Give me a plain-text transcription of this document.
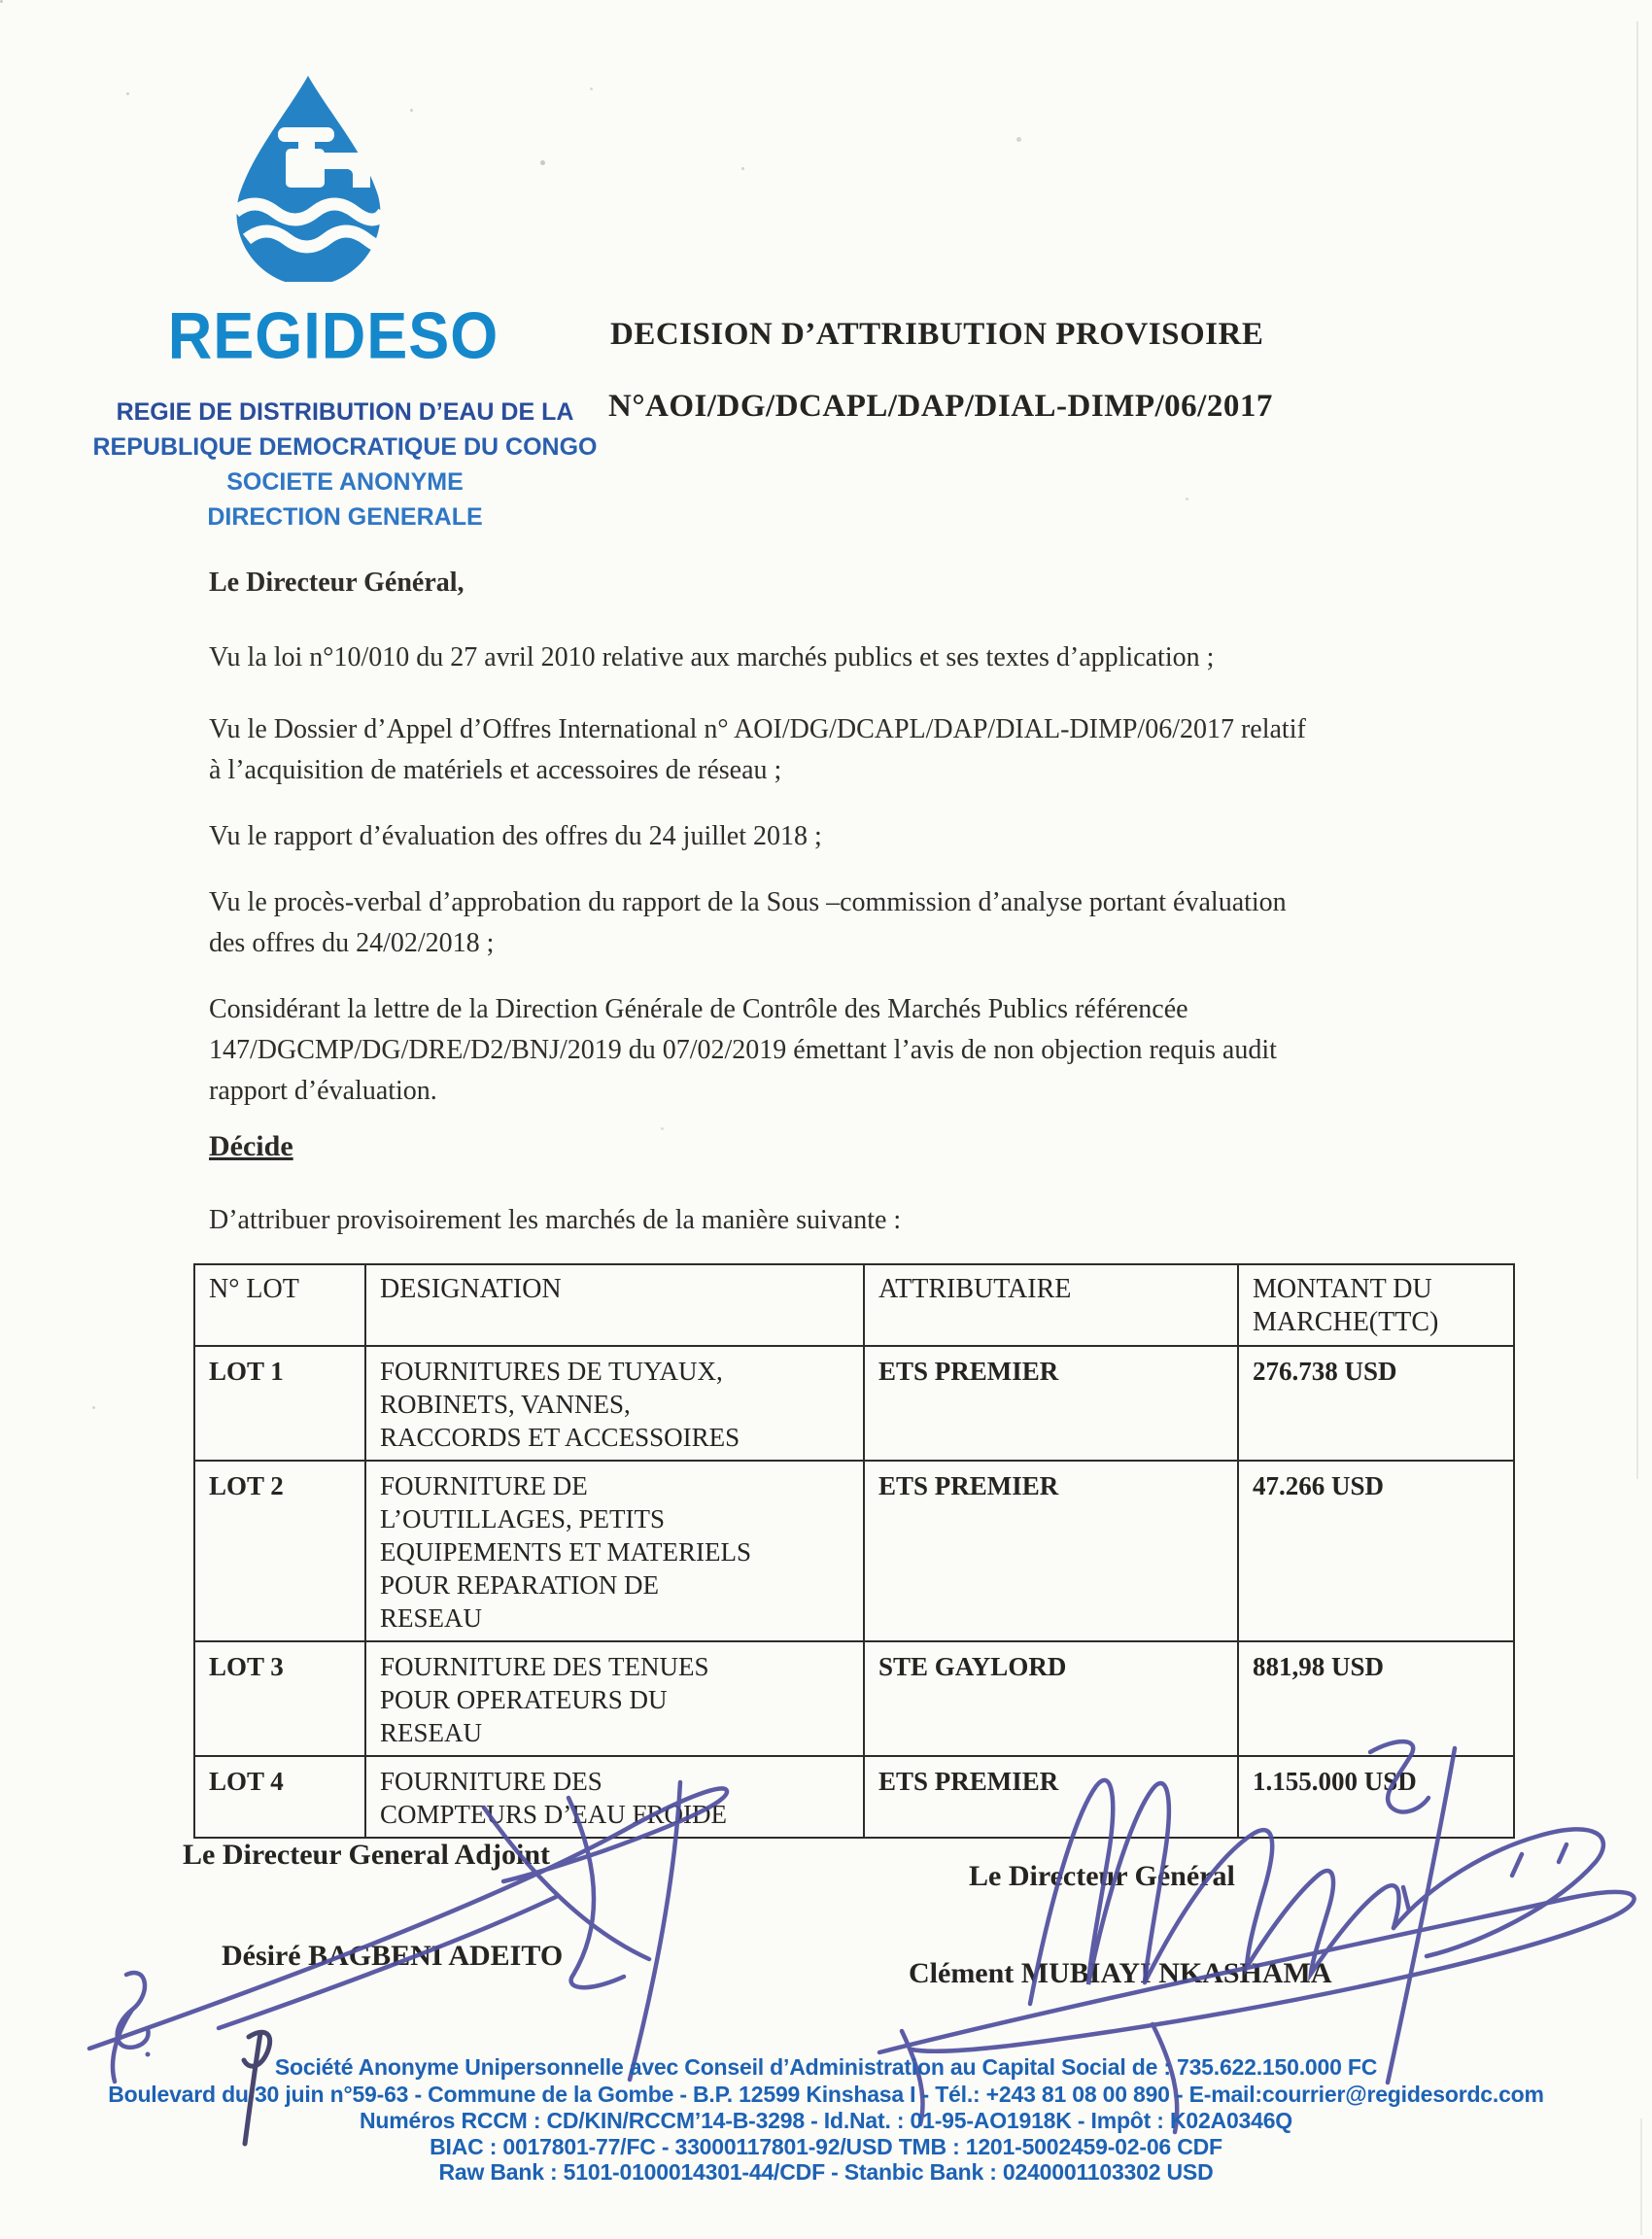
REGIDESO
REGIE DE DISTRIBUTION D’EAU DE LA
REPUBLIQUE DEMOCRATIQUE DU CONGO
SOCIETE ANONYME
DIRECTION GENERALE
DECISION D’ATTRIBUTION PROVISOIRE
N°AOI/DG/DCAPL/DAP/DIAL-DIMP/06/2017
Le Directeur Général,
Vu la loi n°10/010 du 27 avril 2010 relative aux marchés publics et ses textes d’application ;
Vu le Dossier d’Appel d’Offres International n° AOI/DG/DCAPL/DAP/DIAL-DIMP/06/2017 relatif
à l’acquisition de matériels et accessoires de réseau ;
Vu le rapport d’évaluation des offres du 24 juillet 2018 ;
Vu le procès-verbal d’approbation du rapport de la Sous –commission d’analyse portant évaluation
des offres du 24/02/2018 ;
Considérant la lettre de la Direction Générale de Contrôle des Marchés Publics référencée
147/DGCMP/DG/DRE/D2/BNJ/2019 du 07/02/2019 émettant l’avis de non objection requis audit
rapport d’évaluation.
Décide
D’attribuer provisoirement les marchés de la manière suivante :
N° LOT	DESIGNATION	ATTRIBUTAIRE	MONTANT DU
MARCHE(TTC)

LOT 1	FOURNITURES DE TUYAUX,
ROBINETS, VANNES,
RACCORDS ET ACCESSOIRES	ETS PREMIER	276.738 USD
LOT 2	FOURNITURE DE
L’OUTILLAGES, PETITS
EQUIPEMENTS ET MATERIELS
POUR REPARATION DE
RESEAU	ETS PREMIER	47.266 USD
LOT 3	FOURNITURE DES TENUES
POUR OPERATEURS DU
RESEAU	STE GAYLORD	881,98 USD
LOT 4	FOURNITURE DES
COMPTEURS D’EAU FROIDE	ETS PREMIER	1.155.000 USD
Le Directeur General Adjoint
Désiré BAGBENI ADEITO
Le Directeur Général
Clément MUBIAYI NKASHAMA
Société Anonyme Unipersonnelle avec Conseil d’Administration au Capital Social de : 735.622.150.000 FC
Boulevard du 30 juin n°59-63 - Commune de la Gombe - B.P. 12599 Kinshasa I - Tél.: +243 81 08 00 890 - E-mail:courrier@regidesordc.com
Numéros RCCM : CD/KIN/RCCM’14-B-3298 - Id.Nat. : 01-95-AO1918K - Impôt : K02A0346Q
BIAC : 0017801-77/FC - 33000117801-92/USD TMB : 1201-5002459-02-06 CDF
Raw Bank : 5101-0100014301-44/CDF - Stanbic Bank : 0240001103302 USD
